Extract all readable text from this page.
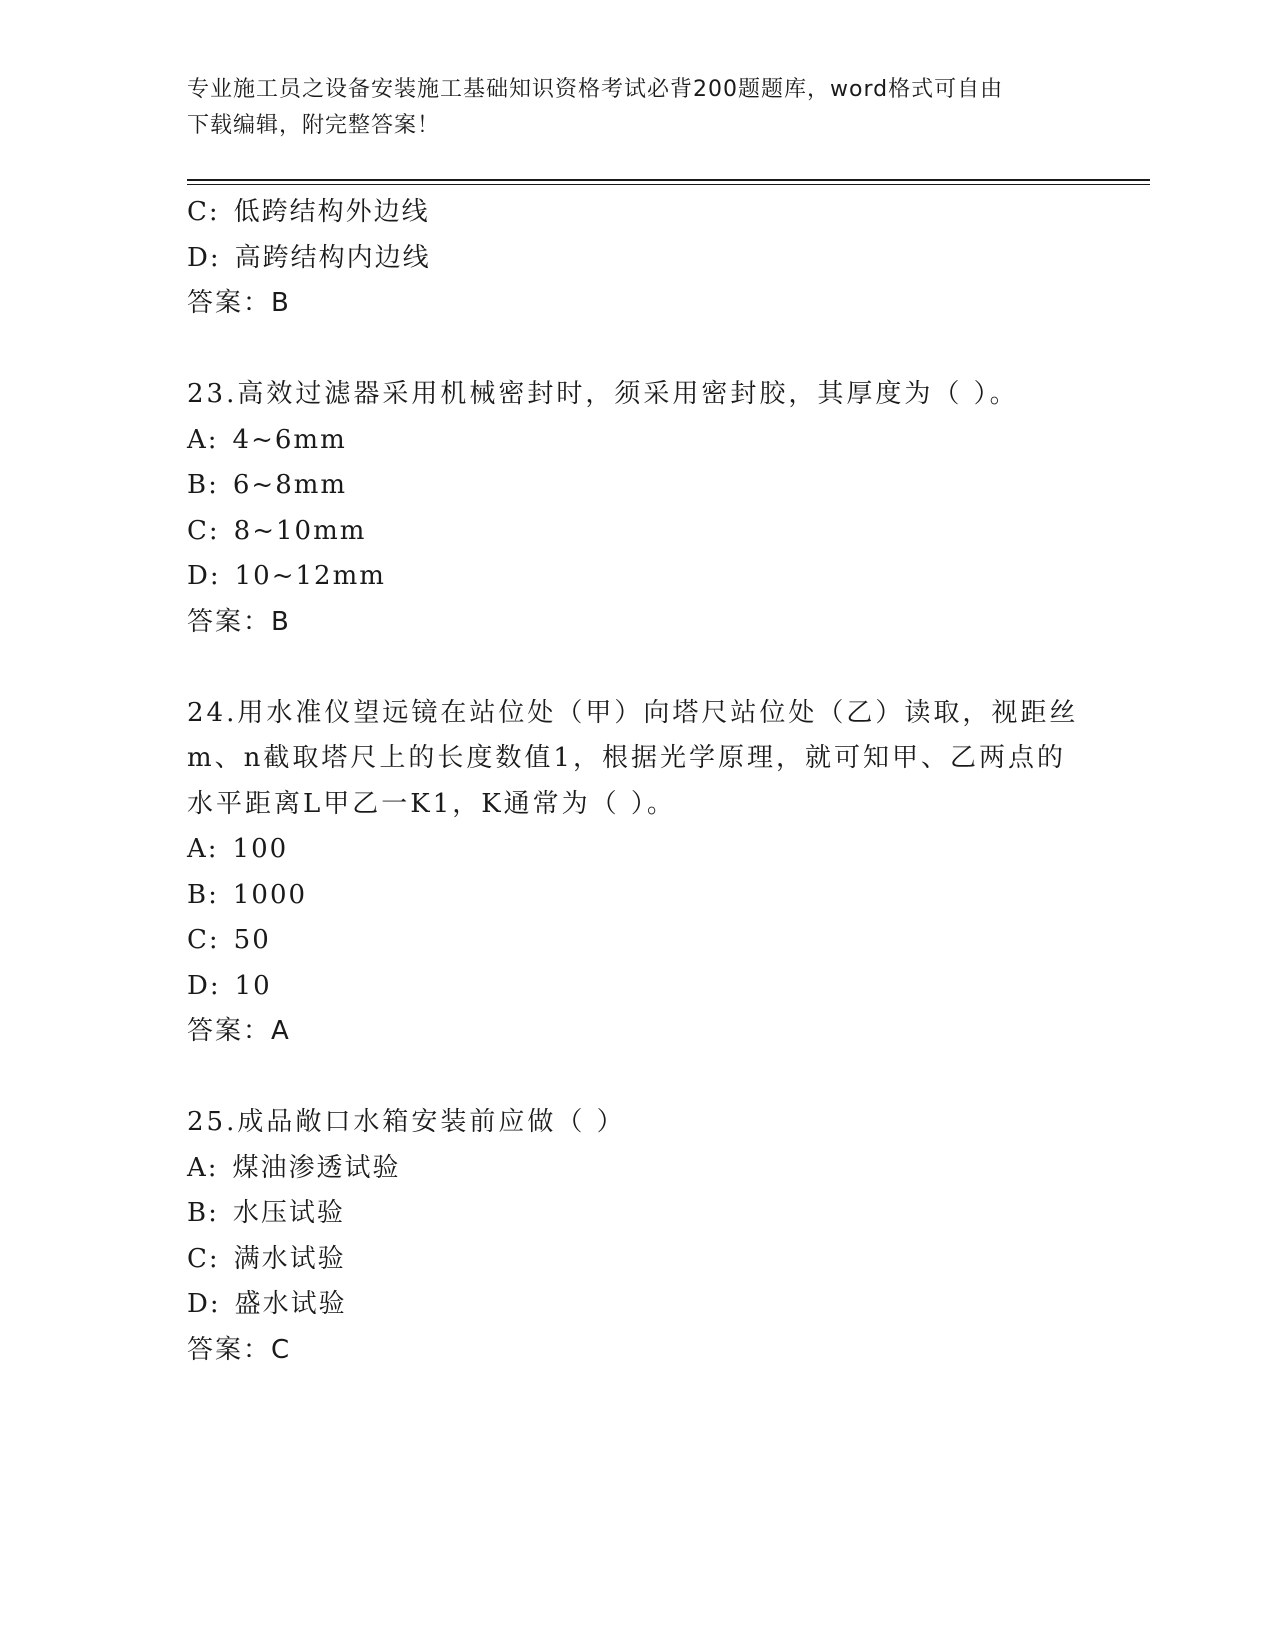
专业施工员之设备安装施工基础知识资格考试必背200题题库，word格式可自由
下载编辑，附完整答案！
C: 低跨结构外边线
D: 高跨结构内边线
答案：B
23.高效过滤器采用机械密封时，须采用密封胶，其厚度为（ ）。
A: 4~6mm
B: 6~8mm
C: 8~10mm
D: 10~12mm
答案：B
24.用水准仪望远镜在站位处（甲）向塔尺站位处（乙）读取，视距丝
m、n截取塔尺上的长度数值1，根据光学原理，就可知甲、乙两点的
水平距离L甲乙一K1，K通常为（ ）。
A: 100
B: 1000
C: 50
D: 10
答案：A
25.成品敞口水箱安装前应做（ ）
A: 煤油渗透试验
B: 水压试验
C: 满水试验
D: 盛水试验
答案：C
